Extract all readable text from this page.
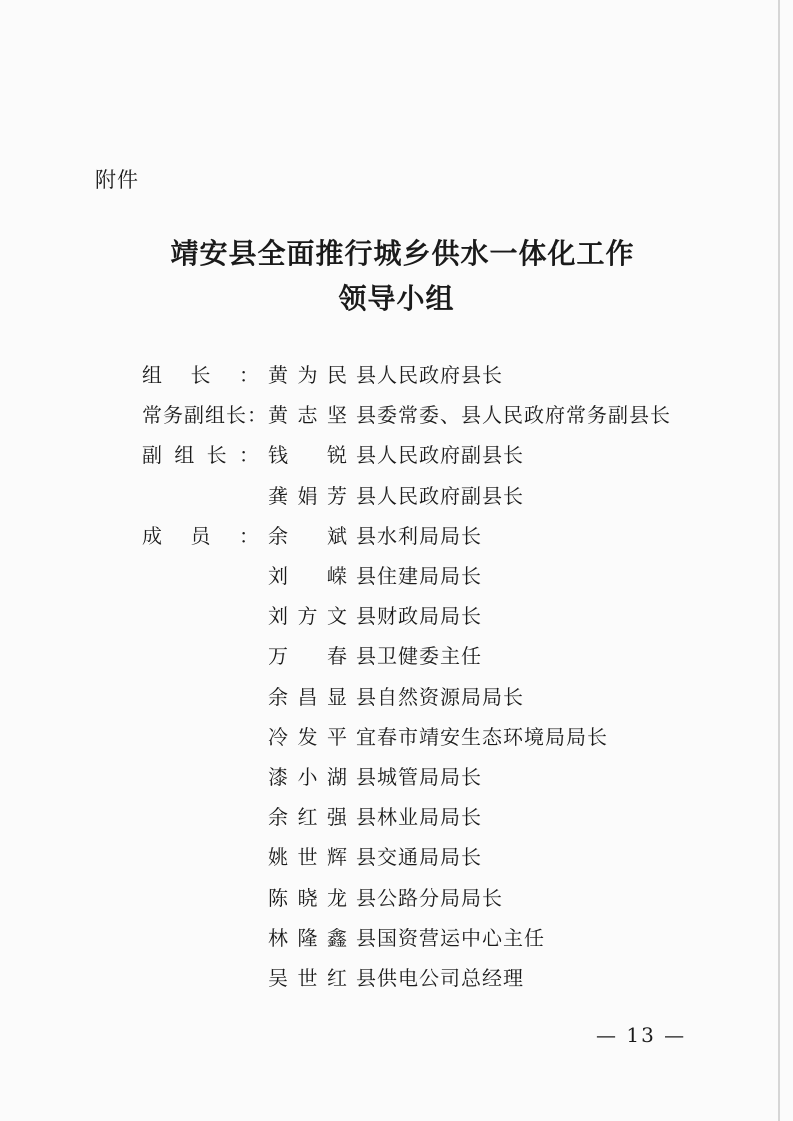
附件
靖安县全面推行城乡供水一体化工作
领导小组
组 长 ： 黄 为 民 县人民政府县长
常 务 副 组 长 ： 黄 志 坚 县委常委、县人民政府常务副县长
副 组 长 ： 钱 锐 县人民政府副县长
龚 娟 芳 县人民政府副县长
成 员 ： 余 斌 县水利局局长
刘 嵘 县住建局局长
刘 方 文 县财政局局长
万 春 县卫健委主任
余 昌 显 县自然资源局局长
冷 发 平 宜春市靖安生态环境局局长
漆 小 湖 县城管局局长
余 红 强 县林业局局长
姚 世 辉 县交通局局长
陈 晓 龙 县公路分局局长
林 隆 鑫 县国资营运中心主任
吴 世 红 县供电公司总经理
— 13 —
